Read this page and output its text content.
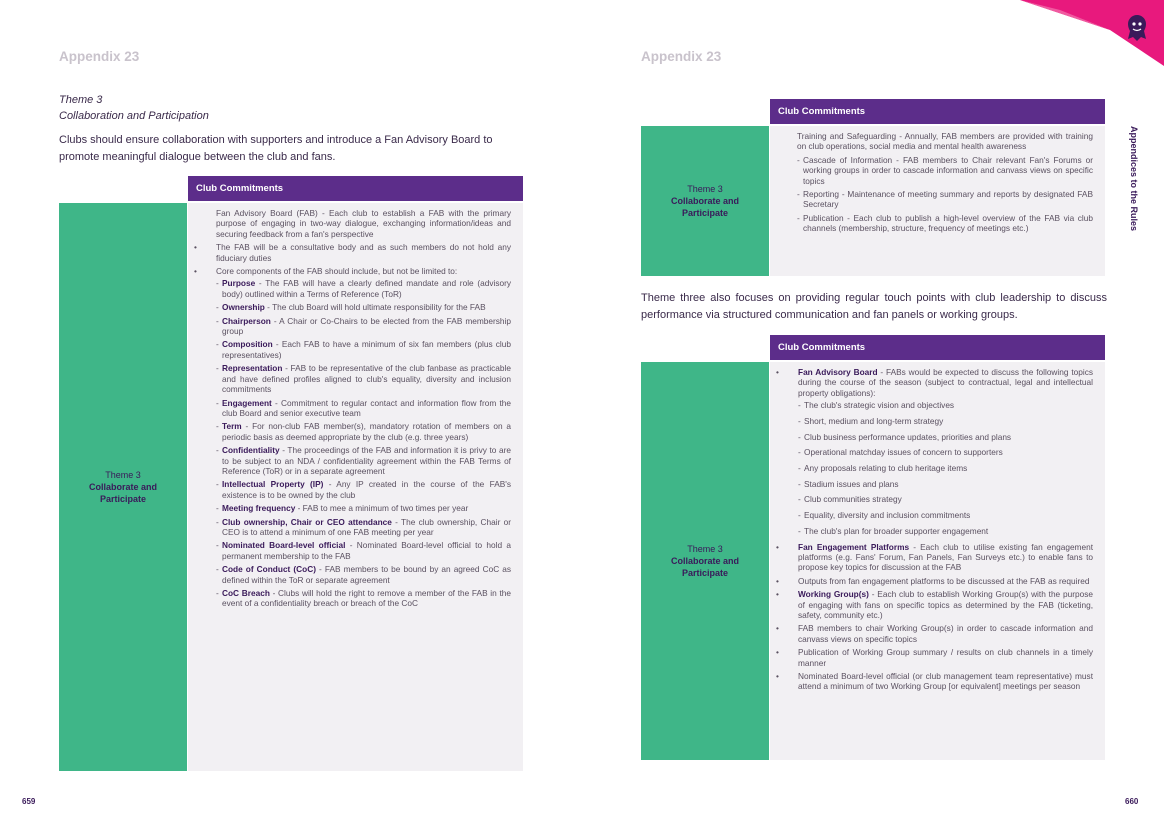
Appendix 23
Theme 3
Collaboration and Participation
Clubs should ensure collaboration with supporters and introduce a Fan Advisory Board to promote meaningful dialogue between the club and fans.
Club Commitments
Theme 3
Collaborate and
Participate
Fan Advisory Board (FAB) - Each club to establish a FAB with the primary purpose of engaging in two-way dialogue, exchanging information/ideas and securing feedback from a fan's perspective
• The FAB will be a consultative body and as such members do not hold any fiduciary duties
• Core components of the FAB should include, but not be limited to:
- Purpose - The FAB will have a clearly defined mandate and role (advisory body) outlined within a Terms of Reference (ToR)
- Ownership - The club Board will hold ultimate responsibility for the FAB
- Chairperson - A Chair or Co-Chairs to be elected from the FAB membership group
- Composition - Each FAB to have a minimum of six fan members (plus club representatives)
- Representation - FAB to be representative of the club fanbase as practicable and have defined profiles aligned to club's equality, diversity and inclusion commitments
- Engagement - Commitment to regular contact and information flow from the club Board and senior executive team
- Term - For non-club FAB member(s), mandatory rotation of members on a periodic basis as deemed appropriate by the club (e.g. three years)
- Confidentiality - The proceedings of the FAB and information it is privy to are to be subject to an NDA / confidentiality agreement within the FAB Terms of Reference (ToR) or in a separate agreement
- Intellectual Property (IP) - Any IP created in the course of the FAB's existence is to be owned by the club
- Meeting frequency - FAB to mee a minimum of two times per year
- Club ownership, Chair or CEO attendance - The club ownership, Chair or CEO is to attend a minimum of one FAB meeting per year
- Nominated Board-level official - Nominated Board-level official to hold a permanent membership to the FAB
- Code of Conduct (CoC) - FAB members to be bound by an agreed CoC as defined within the ToR or separate agreement
- CoC Breach - Clubs will hold the right to remove a member of the FAB in the event of a confidentiality breach or breach of the CoC
659
Appendix 23
Appendices to the Rules
Club Commitments
Theme 3
Collaborate and
Participate
Training and Safeguarding - Annually, FAB members are provided with training on club operations, social media and mental health awareness
- Cascade of Information - FAB members to Chair relevant Fan's Forums or working groups in order to cascade information and canvass views on specific topics
- Reporting - Maintenance of meeting summary and reports by designated FAB Secretary
- Publication - Each club to publish a high-level overview of the FAB via club channels (membership, structure, frequency of meetings etc.)
Theme three also focuses on providing regular touch points with club leadership to discuss performance via structured communication and fan panels or working groups.
Club Commitments
Theme 3
Collaborate and
Participate
• Fan Advisory Board - FABs would be expected to discuss the following topics during the course of the season (subject to contractual, legal and intellectual property obligations):
- The club's strategic vision and objectives
- Short, medium and long-term strategy
- Club business performance updates, priorities and plans
- Operational matchday issues of concern to supporters
- Any proposals relating to club heritage items
- Stadium issues and plans
- Club communities strategy
- Equality, diversity and inclusion commitments
- The club's plan for broader supporter engagement
• Fan Engagement Platforms - Each club to utilise existing fan engagement platforms (e.g. Fans' Forum, Fan Panels, Fan Surveys etc.) to enable fans to propose key topics for discussion at the FAB
• Outputs from fan engagement platforms to be discussed at the FAB as required
• Working Group(s) - Each club to establish Working Group(s) with the purpose of engaging with fans on specific topics as determined by the FAB (ticketing, safety, community etc.)
• FAB members to chair Working Group(s) in order to cascade information and canvass views on specific topics
• Publication of Working Group summary / results on club channels in a timely manner
• Nominated Board-level official (or club management team representative) must attend a minimum of two Working Group [or equivalent] meetings per season
660
